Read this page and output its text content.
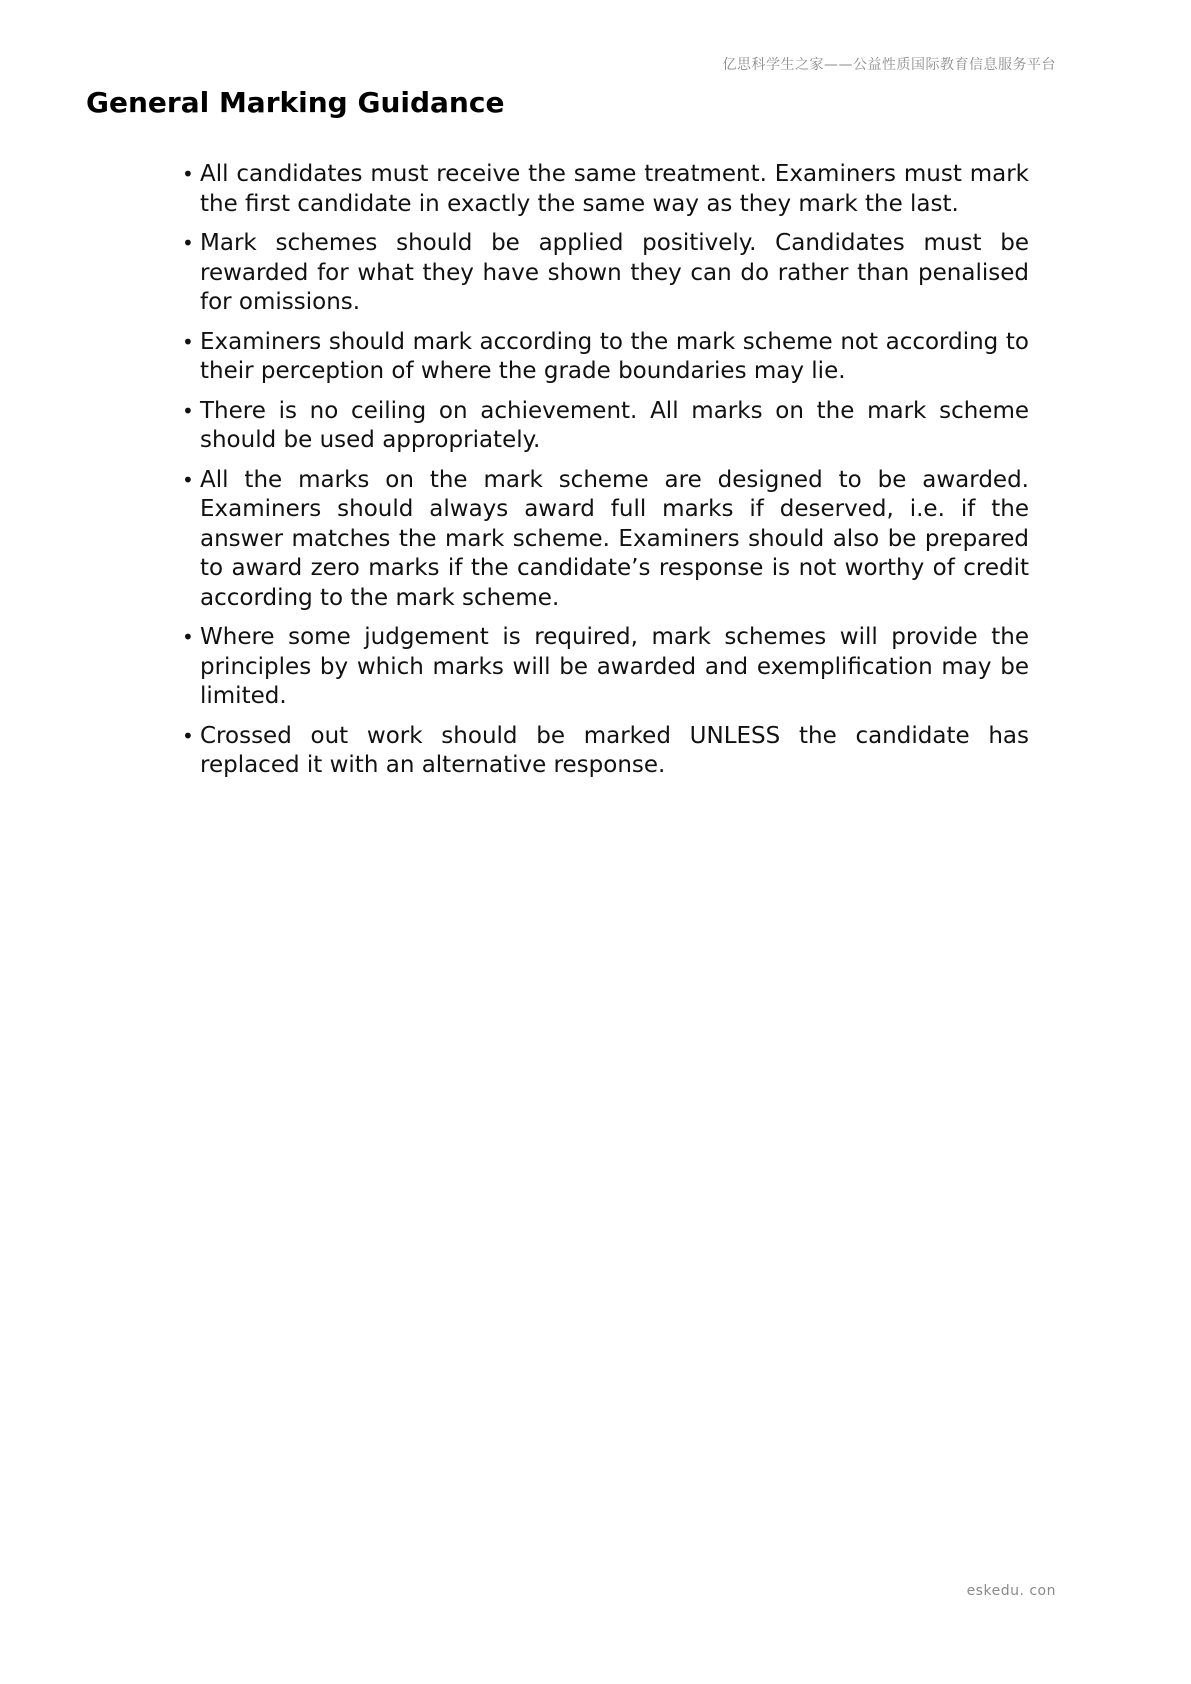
亿思科学生之家——公益性质国际教育信息服务平台
General Marking Guidance
• All candidates must receive the same treatment. Examiners must mark the first candidate in exactly the same way as they mark the last.
• Mark schemes should be applied positively. Candidates must be rewarded for what they have shown they can do rather than penalised for omissions.
• Examiners should mark according to the mark scheme not according to their perception of where the grade boundaries may lie.
• There is no ceiling on achievement. All marks on the mark scheme should be used appropriately.
• All the marks on the mark scheme are designed to be awarded. Examiners should always award full marks if deserved, i.e. if the answer matches the mark scheme. Examiners should also be prepared to award zero marks if the candidate’s response is not worthy of credit according to the mark scheme.
• Where some judgement is required, mark schemes will provide the principles by which marks will be awarded and exemplification may be limited.
• Crossed out work should be marked UNLESS the candidate has replaced it with an alternative response.
eskedu. con
